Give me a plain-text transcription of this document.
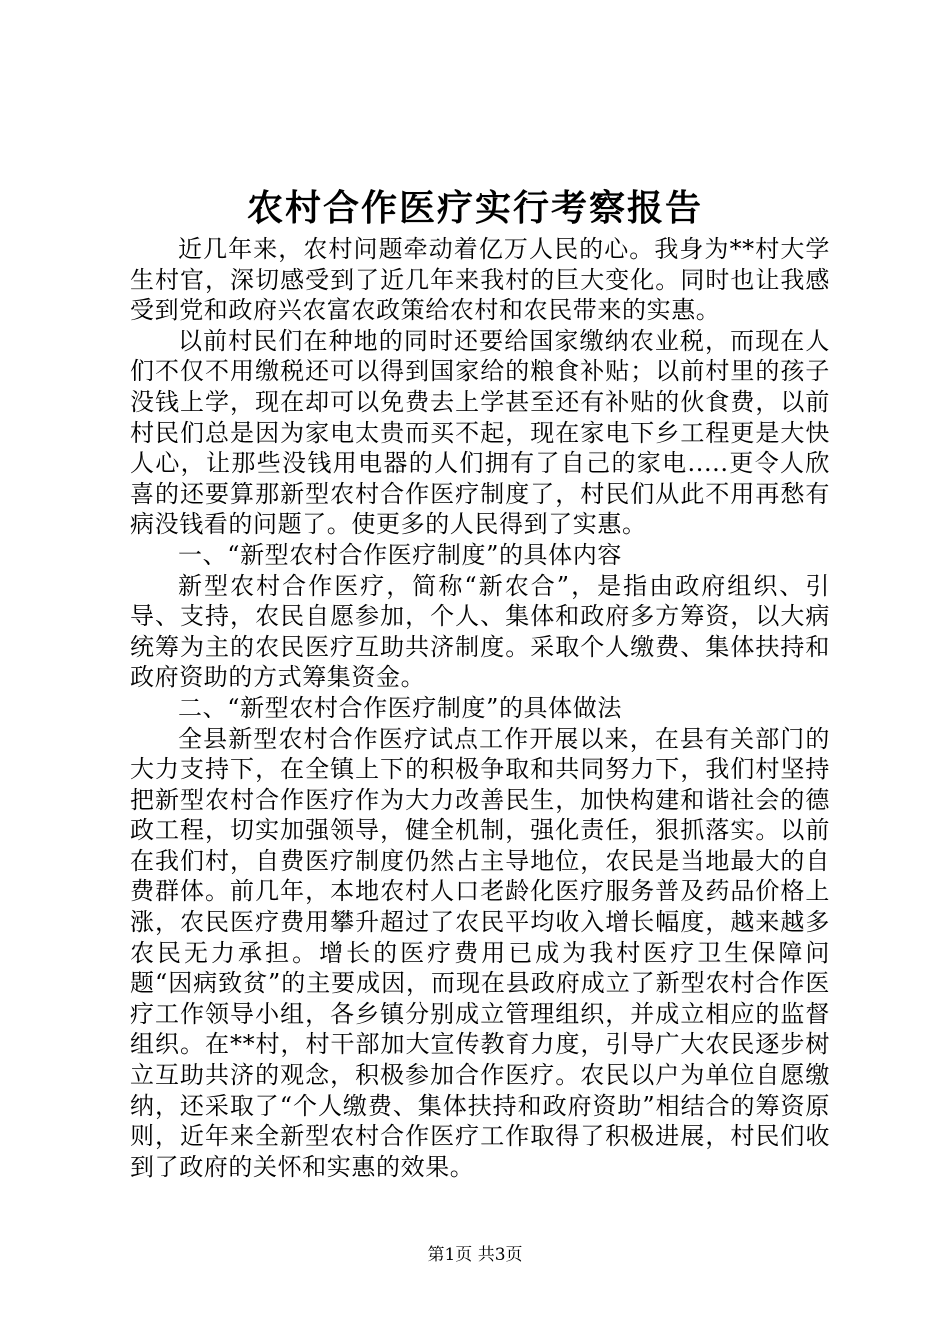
农村合作医疗实行考察报告

近几年来，农村问题牵动着亿万人民的心。我身为**村大学生村官，深切感受到了近几年来我村的巨大变化。同时也让我感受到党和政府兴农富农政策给农村和农民带来的实惠。

以前村民们在种地的同时还要给国家缴纳农业税，而现在人们不仅不用缴税还可以得到国家给的粮食补贴；以前村里的孩子没钱上学，现在却可以免费去上学甚至还有补贴的伙食费，以前村民们总是因为家电太贵而买不起，现在家电下乡工程更是大快人心，让那些没钱用电器的人们拥有了自己的家电.....更令人欣喜的还要算那新型农村合作医疗制度了，村民们从此不用再愁有病没钱看的问题了。使更多的人民得到了实惠。

一、“新型农村合作医疗制度”的具体内容

新型农村合作医疗，简称“新农合”，是指由政府组织、引导、支持，农民自愿参加，个人、集体和政府多方筹资，以大病统筹为主的农民医疗互助共济制度。采取个人缴费、集体扶持和政府资助的方式筹集资金。

二、“新型农村合作医疗制度”的具体做法

全县新型农村合作医疗试点工作开展以来，在县有关部门的大力支持下，在全镇上下的积极争取和共同努力下，我们村坚持把新型农村合作医疗作为大力改善民生，加快构建和谐社会的德政工程，切实加强领导，健全机制，强化责任，狠抓落实。以前在我们村，自费医疗制度仍然占主导地位，农民是当地最大的自费群体。前几年，本地农村人口老龄化医疗服务普及药品价格上涨，农民医疗费用攀升超过了农民平均收入增长幅度，越来越多农民无力承担。增长的医疗费用已成为我村医疗卫生保障问题“因病致贫”的主要成因，而现在县政府成立了新型农村合作医疗工作领导小组，各乡镇分别成立管理组织，并成立相应的监督组织。在**村，村干部加大宣传教育力度，引导广大农民逐步树立互助共济的观念，积极参加合作医疗。农民以户为单位自愿缴纳，还采取了“个人缴费、集体扶持和政府资助”相结合的筹资原则，近年来全新型农村合作医疗工作取得了积极进展，村民们收到了政府的关怀和实惠的效果。

第1页 共3页
